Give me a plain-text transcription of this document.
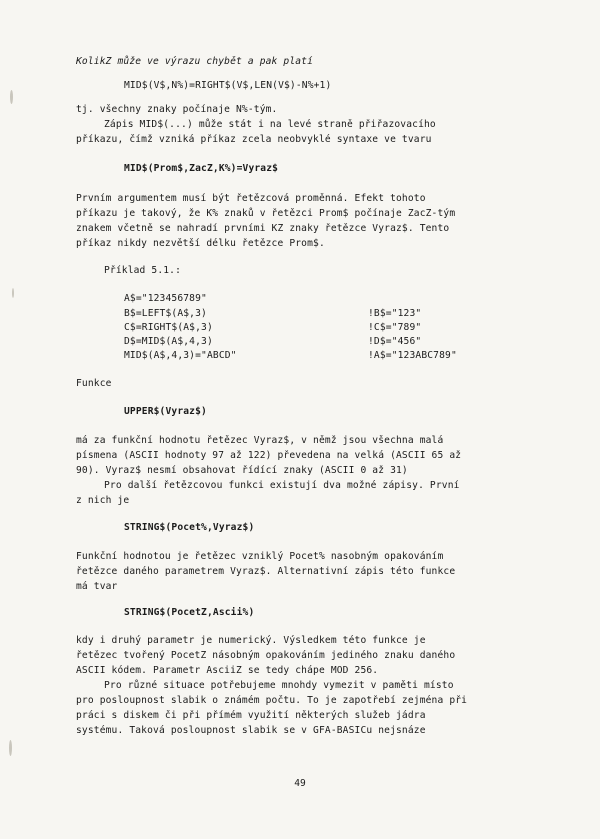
KolikZ může ve výrazu chybět a pak platí
MID$(V$,N%)=RIGHT$(V$,LEN(V$)-N%+1)
tj. všechny znaky počínaje N%-tým.
Zápis MID$(...) může stát i na levé straně přiřazovacího
příkazu, čímž vzniká příkaz zcela neobvyklé syntaxe ve tvaru
MID$(Prom$,ZacZ,K%)=Vyraz$
Prvním argumentem musí být řetězcová proměnná. Efekt tohoto
příkazu je takový, že K% znaků v řetězci Prom$ počínaje ZacZ-tým
znakem včetně se nahradí prvními KZ znaky řetězce Vyraz$. Tento
příkaz nikdy nezvětší délku řetězce Prom$.
Příklad 5.1.:
A$="123456789"
B$=LEFT$(A$,3)
C$=RIGHT$(A$,3)
D$=MID$(A$,4,3)
MID$(A$,4,3)="ABCD"
!B$="123"
!C$="789"
!D$="456"
!A$="123ABC789"
Funkce
UPPER$(Vyraz$)
má za funkční hodnotu řetězec Vyraz$, v němž jsou všechna malá
písmena (ASCII hodnoty 97 až 122) převedena na velká (ASCII 65 až
90). Vyraz$ nesmí obsahovat řídící znaky (ASCII 0 až 31)
Pro další řetězcovou funkci existují dva možné zápisy. První
z nich je
STRING$(Pocet%,Vyraz$)
Funkční hodnotou je řetězec vzniklý Pocet% nasobným opakováním
řetězce daného parametrem Vyraz$. Alternativní zápis této funkce
má tvar
STRING$(PocetZ,Ascii%)
kdy i druhý parametr je numerický. Výsledkem této funkce je
řetězec tvořený PocetZ násobným opakováním jediného znaku daného
ASCII kódem. Parametr AsciiZ se tedy chápe MOD 256.
Pro různé situace potřebujeme mnohdy vymezit v paměti místo
pro posloupnost slabik o známém počtu. To je zapotřebí zejména při
práci s diskem či při přímém využití některých služeb jádra
systému. Taková posloupnost slabik se v GFA-BASICu nejsnáze
49
